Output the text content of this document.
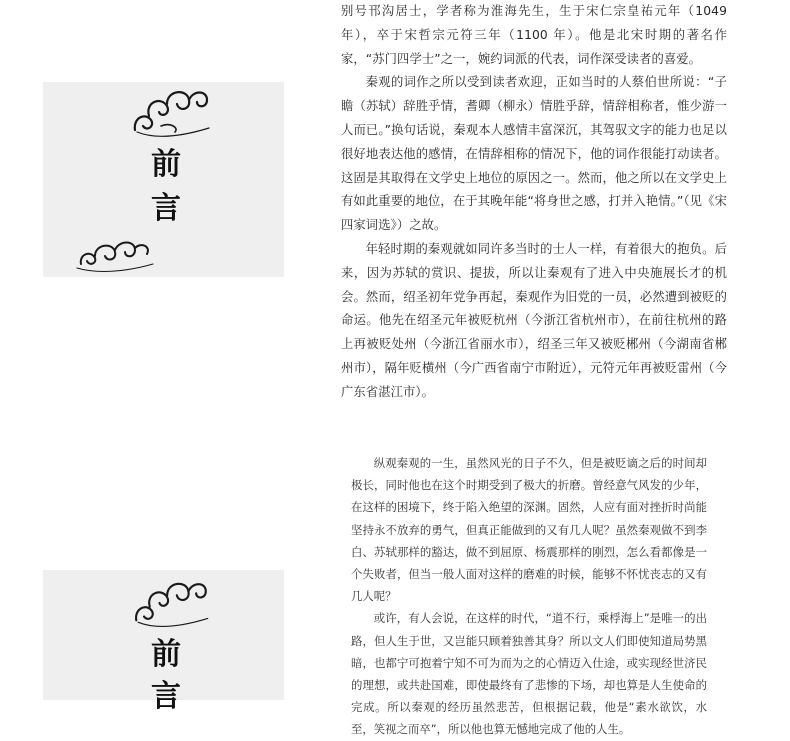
前
言

别号邗沟居士，学者称为淮海先生，生于宋仁宗皇祐元年（1049 年），卒于宋哲宗元符三年（1100 年）。他是北宋时期的著名作家，“苏门四学士”之一，婉约词派的代表，词作深受读者的喜爱。

秦观的词作之所以受到读者欢迎，正如当时的人蔡伯世所说：“子瞻（苏轼）辞胜乎情，耆卿（柳永）情胜乎辞，情辞相称者，惟少游一人而已。”换句话说，秦观本人感情丰富深沉，其驾驭文字的能力也足以很好地表达他的感情，在情辞相称的情况下，他的词作很能打动读者。这固是其取得在文学史上地位的原因之一。然而，他之所以在文学史上有如此重要的地位，在于其晚年能“将身世之感，打并入艳情。”（见《宋四家词选》）之故。

年轻时期的秦观就如同许多当时的士人一样，有着很大的抱负。后来，因为苏轼的赏识、提拔，所以让秦观有了进入中央施展长才的机会。然而，绍圣初年党争再起，秦观作为旧党的一员，必然遭到被贬的命运。他先在绍圣元年被贬杭州（今浙江省杭州市），在前往杭州的路上再被贬处州（今浙江省丽水市），绍圣三年又被贬郴州（今湖南省郴州市），隔年贬横州（今广西省南宁市附近），元符元年再被贬雷州（今广东省湛江市）。

纵观秦观的一生，虽然风光的日子不久，但是被贬谪之后的时间却极长，同时他也在这个时期受到了极大的折磨。曾经意气风发的少年，在这样的困境下，终于陷入绝望的深渊。固然，人应有面对挫折时尚能坚持永不放弃的勇气，但真正能做到的又有几人呢？虽然秦观做不到李白、苏轼那样的豁达，做不到屈原、杨震那样的刚烈，怎么看都像是一个失败者，但当一般人面对这样的磨难的时候，能够不怀忧丧志的又有几人呢？

或许，有人会说，在这样的时代，“道不行，乘桴海上”是唯一的出路，但人生于世，又岂能只顾着独善其身？所以文人们即使知道局势黑暗，也都宁可抱着宁知不可为而为之的心情迈入仕途，或实现经世济民的理想，或共赴国难，即使最终有了悲惨的下场，却也算是人生使命的完成。所以秦观的经历虽然悲苦，但根据记载，他是“素水欲饮，水至，笑视之而卒”，所以他也算无憾地完成了他的人生。

前
言
